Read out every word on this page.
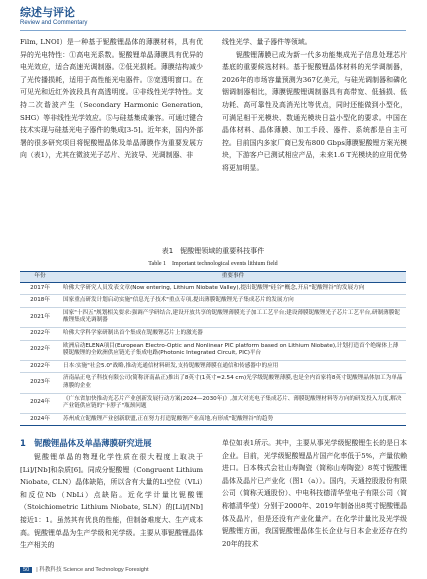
综述与评论
Review and Commentary

Film, LNOI）是一种基于铌酸锂晶体的薄膜材料，具有优异的光电特性：①高电光系数。铌酸锂单晶薄膜具有优异的电光效应，适合高速光调制器。②低光损耗。薄膜结构减少了光传播损耗，适用于高性能光电器件。③宽透明窗口。在可见光和近红外波段具有高透明度。④非线性光学特性。支持二次谐波产生（Secondary Harmonic Generation, SHG）等非线性光学效应。⑤与硅基集成兼容。可通过键合技术实现与硅基光电子器件的集成[3-5]。近年来，国内外部署的很多研究项目将铌酸锂晶体及单晶薄膜作为重要发展方向（表1），尤其在微波光子芯片、光波导、光调制器、非

线性光学、量子器件等领域。

铌酸锂薄膜已成为新一代多功能集成光子信息处理芯片基底的重要候选材料。基于铌酸锂晶体材料的光学调制器，2026年的市场容量预测为367亿美元，与硅光调制器和磷化铟调制器相比，薄膜铌酸锂调制器具有高带宽、低插损、低功耗、高可靠性及高消光比等优点，同时还能做到小型化，可满足相干光模块、数通光模块日益小型化的要求。中国在晶体材料、晶体薄膜、加工手段、器件、系统都是自主可控。目前国内多家厂商已发布800 Gbps薄膜铌酸锂方案光模块，下游客户已测试相应产品，未来1.6 T光模块的应用优势将更加明显。

表1　铌酸锂领域的重要科技事件
Table 1　Important technological events lithium field
年份	重要事件
2017年	哈佛大学研究人员发表文章(Now entering, Lithium Niobate Valley),提出铌酸锂"硅谷"概念,开启"铌酸锂谷"的发展方向
2018年	国家重点研发计划启动实施"信息光子技术"重点专项,提出薄膜铌酸锂光子集成芯片的发展方向
2021年	国家"十四五"规划相关要求:强调产学研结合,建设开放共享的铌酸锂薄膜光子加工工艺平台;建设薄膜铌酸锂光子芯片工艺平台,研制薄膜铌酸锂集成光调制器
2022年	哈佛大学科学家研制出首个集成在铌酸锂芯片上的激光器
2022年	欧洲启动ELENA项目(European Electro-Optic and Nonlinear PIC platform based on Lithium Niobate),计划打造首个绝缘体上薄膜铌酸锂的全欧洲供应链光子集成电路(Photonic Integrated Circuit, PIC)平台
2022年	日本:实施"社会5.0"战略,推动光通信材料研发,支持铌酸锂薄膜在通信和传感器中的应用
2023年	济南晶正电子科技有限公司(简称济南晶正)推出了8英寸(1英寸=2.54 cm)光学级铌酸锂薄膜,也是全内首家将8英寸铌酸锂晶体加工为单晶薄膜的企业
2024年	《广东省加快推动光芯片产业创新发展行动方案(2024—2030年)》,加大对光电子集成芯片、薄膜铌酸锂材料等方向的研发投入力度,解决产业链供应链的"卡脖子"瓶颈问题
2024年	苏州成立铌酸锂产业创新联盟,正在努力打造铌酸锂产业高地,有形成"铌酸锂谷"的趋势
1　铌酸锂晶体及单晶薄膜研究进展

铌酸锂单晶的物理化学性质在很大程度上取决于[Li]/[Nb]和杂质[6]。同成分铌酸锂（Congruent Lithium Niobate, CLN）晶体缺陷，所以含有大量的Li空位（VLi）和反位Nb（NbLi）点缺陷。近化学计量比铌酸锂（Stoichiometric Lithium Niobate, SLN）的[Li]/[Nb]接近1：1。虽然其有优良的性能，但制备难度大、生产成本高。铌酸锂单晶为生产学级和光学级。主要从事铌酸锂晶体生产相关的

单位如表1所示。其中，主要从事光学级铌酸锂生长的是日本企业。目前，光学级铌酸锂晶片国产化率低于5%，产量依赖进口。日本株式会社山寿陶瓷（简称山寿陶瓷）8英寸铌酸锂晶体及晶片已产业化（图1（a））。国内，天通控股股份有限公司（简称天通股份）、中电科技德清华莹电子有限公司（简称德清华莹）分别于2000年、2019年制备出8英寸铌酸锂晶体及晶片，但是还没有产业化量产。在化学计量比及光学级铌酸锂方面，我国铌酸锂晶体生长企业与日本企业还存在约20年的技术

50 | 科教科技 Science and Technology Foresight
